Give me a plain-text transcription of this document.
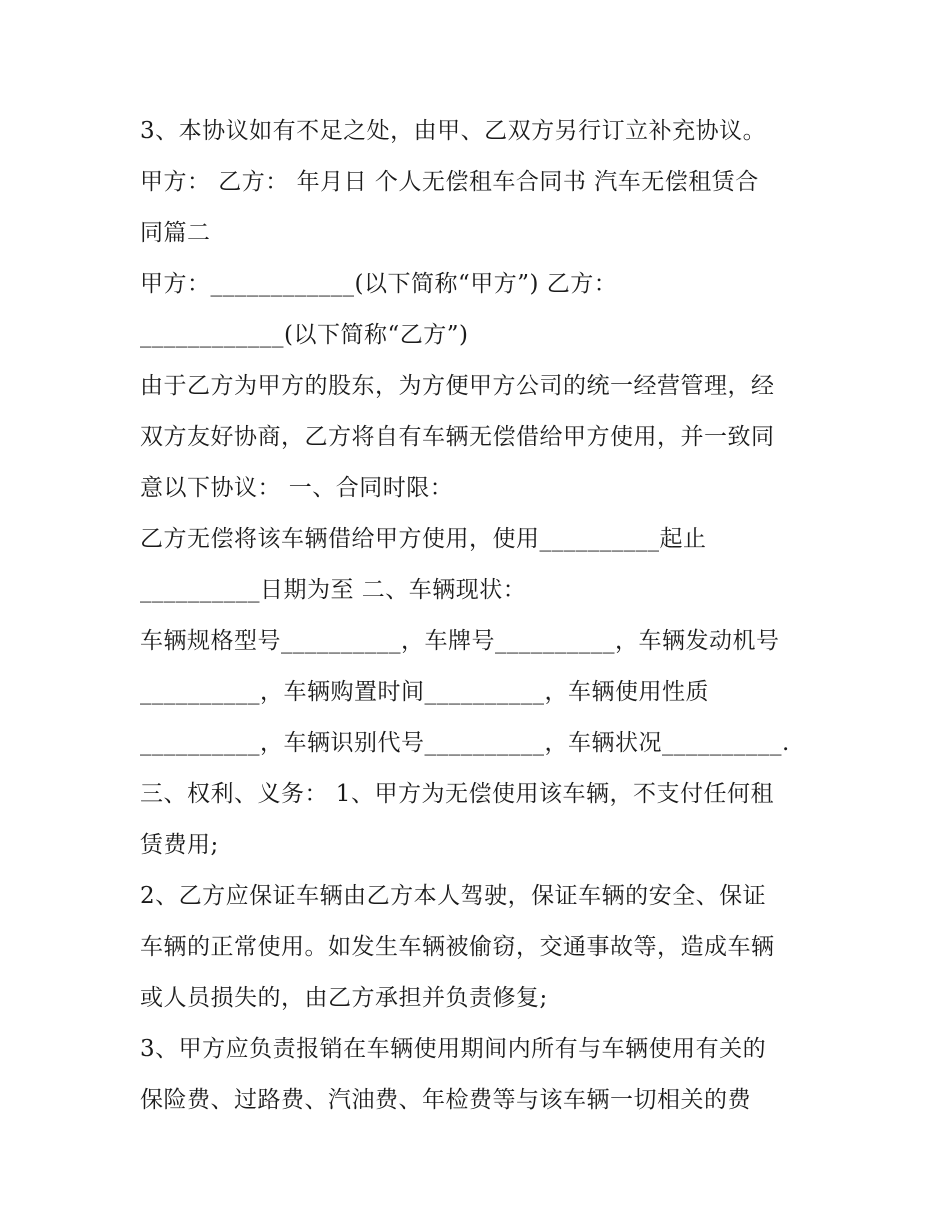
3、本协议如有不足之处，由甲、乙双方另行订立补充协议。
甲方： 乙方： 年月日 个人无偿租车合同书 汽车无偿租赁合
同篇二
甲方：____________(以下简称“甲方”) 乙方：
____________(以下简称“乙方”)
由于乙方为甲方的股东，为方便甲方公司的统一经营管理，经
双方友好协商，乙方将自有车辆无偿借给甲方使用，并一致同
意以下协议： 一、合同时限：
乙方无偿将该车辆借给甲方使用，使用__________起止
__________日期为至 二、车辆现状：
车辆规格型号__________，车牌号__________，车辆发动机号
__________，车辆购置时间__________，车辆使用性质
__________，车辆识别代号__________，车辆状况__________.
三、权利、义务： 1、甲方为无偿使用该车辆，不支付任何租
赁费用;
2、乙方应保证车辆由乙方本人驾驶，保证车辆的安全、保证
车辆的正常使用。如发生车辆被偷窃，交通事故等，造成车辆
或人员损失的，由乙方承担并负责修复;
3、甲方应负责报销在车辆使用期间内所有与车辆使用有关的
保险费、过路费、汽油费、年检费等与该车辆一切相关的费
